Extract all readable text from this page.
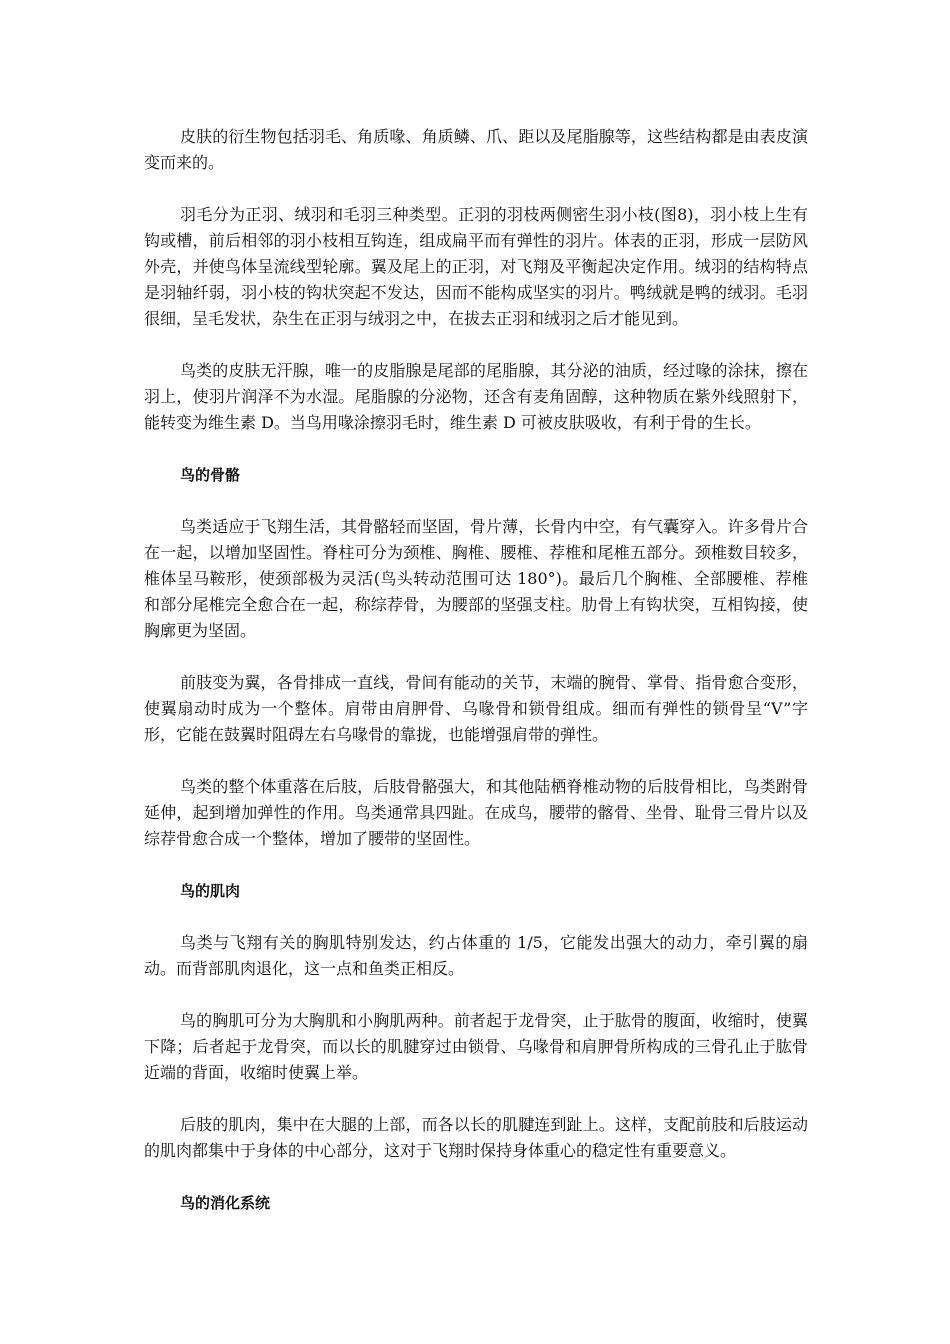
皮肤的衍生物包括羽毛、角质喙、角质鳞、爪、距以及尾脂腺等，这些结构都是由表皮演变而来的。

羽毛分为正羽、绒羽和毛羽三种类型。正羽的羽枝两侧密生羽小枝(图8)，羽小枝上生有钩或槽，前后相邻的羽小枝相互钩连，组成扁平而有弹性的羽片。体表的正羽，形成一层防风外壳，并使鸟体呈流线型轮廓。翼及尾上的正羽，对飞翔及平衡起决定作用。绒羽的结构特点是羽轴纤弱，羽小枝的钩状突起不发达，因而不能构成坚实的羽片。鸭绒就是鸭的绒羽。毛羽很细，呈毛发状，杂生在正羽与绒羽之中，在拔去正羽和绒羽之后才能见到。

鸟类的皮肤无汗腺，唯一的皮脂腺是尾部的尾脂腺，其分泌的油质，经过喙的涂抹，擦在羽上，使羽片润泽不为水湿。尾脂腺的分泌物，还含有麦角固醇，这种物质在紫外线照射下，能转变为维生素 D。当鸟用喙涂擦羽毛时，维生素 D 可被皮肤吸收，有利于骨的生长。

鸟的骨骼

鸟类适应于飞翔生活，其骨骼轻而坚固，骨片薄，长骨内中空，有气囊穿入。许多骨片合在一起，以增加坚固性。脊柱可分为颈椎、胸椎、腰椎、荐椎和尾椎五部分。颈椎数目较多，椎体呈马鞍形，使颈部极为灵活(鸟头转动范围可达 180°)。最后几个胸椎、全部腰椎、荐椎和部分尾椎完全愈合在一起，称综荐骨，为腰部的坚强支柱。肋骨上有钩状突，互相钩接，使胸廓更为坚固。

前肢变为翼，各骨排成一直线，骨间有能动的关节，末端的腕骨、掌骨、指骨愈合变形，使翼扇动时成为一个整体。肩带由肩胛骨、乌喙骨和锁骨组成。细而有弹性的锁骨呈“V”字形，它能在鼓翼时阻碍左右乌喙骨的靠拢，也能增强肩带的弹性。

鸟类的整个体重落在后肢，后肢骨骼强大，和其他陆栖脊椎动物的后肢骨相比，鸟类跗骨延伸，起到增加弹性的作用。鸟类通常具四趾。在成鸟，腰带的髂骨、坐骨、耻骨三骨片以及综荐骨愈合成一个整体，增加了腰带的坚固性。

鸟的肌肉

鸟类与飞翔有关的胸肌特别发达，约占体重的 1/5，它能发出强大的动力，牵引翼的扇动。而背部肌肉退化，这一点和鱼类正相反。

鸟的胸肌可分为大胸肌和小胸肌两种。前者起于龙骨突，止于肱骨的腹面，收缩时，使翼下降；后者起于龙骨突，而以长的肌腱穿过由锁骨、乌喙骨和肩胛骨所构成的三骨孔止于肱骨近端的背面，收缩时使翼上举。

后肢的肌肉，集中在大腿的上部，而各以长的肌腱连到趾上。这样，支配前肢和后肢运动的肌肉都集中于身体的中心部分，这对于飞翔时保持身体重心的稳定性有重要意义。

鸟的消化系统
